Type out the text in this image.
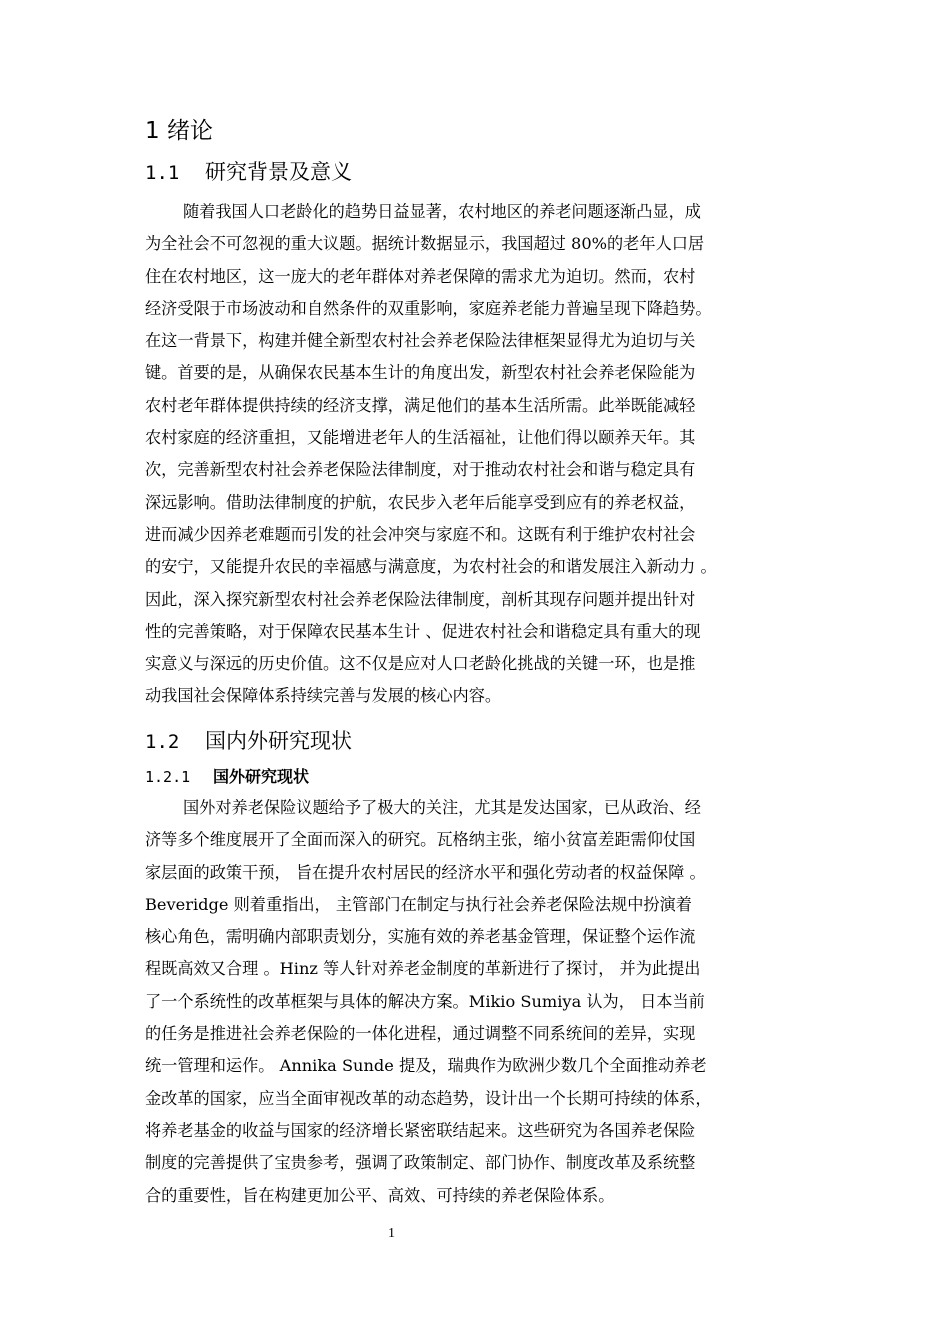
1 绪论
1.1 研究背景及意义
随着我国人口老龄化的趋势日益显著，农村地区的养老问题逐渐凸显，成
为全社会不可忽视的重大议题。据统计数据显示，我国超过 80%的老年人口居
住在农村地区，这一庞大的老年群体对养老保障的需求尤为迫切。然而，农村
经济受限于市场波动和自然条件的双重影响，家庭养老能力普遍呈现下降趋势。
在这一背景下，构建并健全新型农村社会养老保险法律框架显得尤为迫切与关
键。首要的是，从确保农民基本生计的角度出发，新型农村社会养老保险能为
农村老年群体提供持续的经济支撑，满足他们的基本生活所需。此举既能减轻
农村家庭的经济重担，又能增进老年人的生活福祉，让他们得以颐养天年。其
次，完善新型农村社会养老保险法律制度，对于推动农村社会和谐与稳定具有
深远影响。借助法律制度的护航，农民步入老年后能享受到应有的养老权益，
进而减少因养老难题而引发的社会冲突与家庭不和。这既有利于维护农村社会
的安宁，又能提升农民的幸福感与满意度，为农村社会的和谐发展注入新动力 。
因此，深入探究新型农村社会养老保险法律制度，剖析其现存问题并提出针对
性的完善策略，对于保障农民基本生计 、促进农村社会和谐稳定具有重大的现
实意义与深远的历史价值。这不仅是应对人口老龄化挑战的关键一环，也是推
动我国社会保障体系持续完善与发展的核心内容。
1.2 国内外研究现状
1.2.1 国外研究现状
国外对养老保险议题给予了极大的关注，尤其是发达国家，已从政治、经
济等多个维度展开了全面而深入的研究。瓦格纳主张，缩小贫富差距需仰仗国
家层面的政策干预， 旨在提升农村居民的经济水平和强化劳动者的权益保障 。
Beveridge 则着重指出， 主管部门在制定与执行社会养老保险法规中扮演着
核心角色，需明确内部职责划分，实施有效的养老基金管理，保证整个运作流
程既高效又合理 。Hinz 等人针对养老金制度的革新进行了探讨， 并为此提出
了一个系统性的改革框架与具体的解决方案。Mikio Sumiya 认为， 日本当前
的任务是推进社会养老保险的一体化进程，通过调整不同系统间的差异，实现
统一管理和运作。 Annika Sunde 提及，瑞典作为欧洲少数几个全面推动养老
金改革的国家，应当全面审视改革的动态趋势，设计出一个长期可持续的体系，
将养老基金的收益与国家的经济增长紧密联结起来。这些研究为各国养老保险
制度的完善提供了宝贵参考，强调了政策制定、部门协作、制度改革及系统整
合的重要性，旨在构建更加公平、高效、可持续的养老保险体系。
1
